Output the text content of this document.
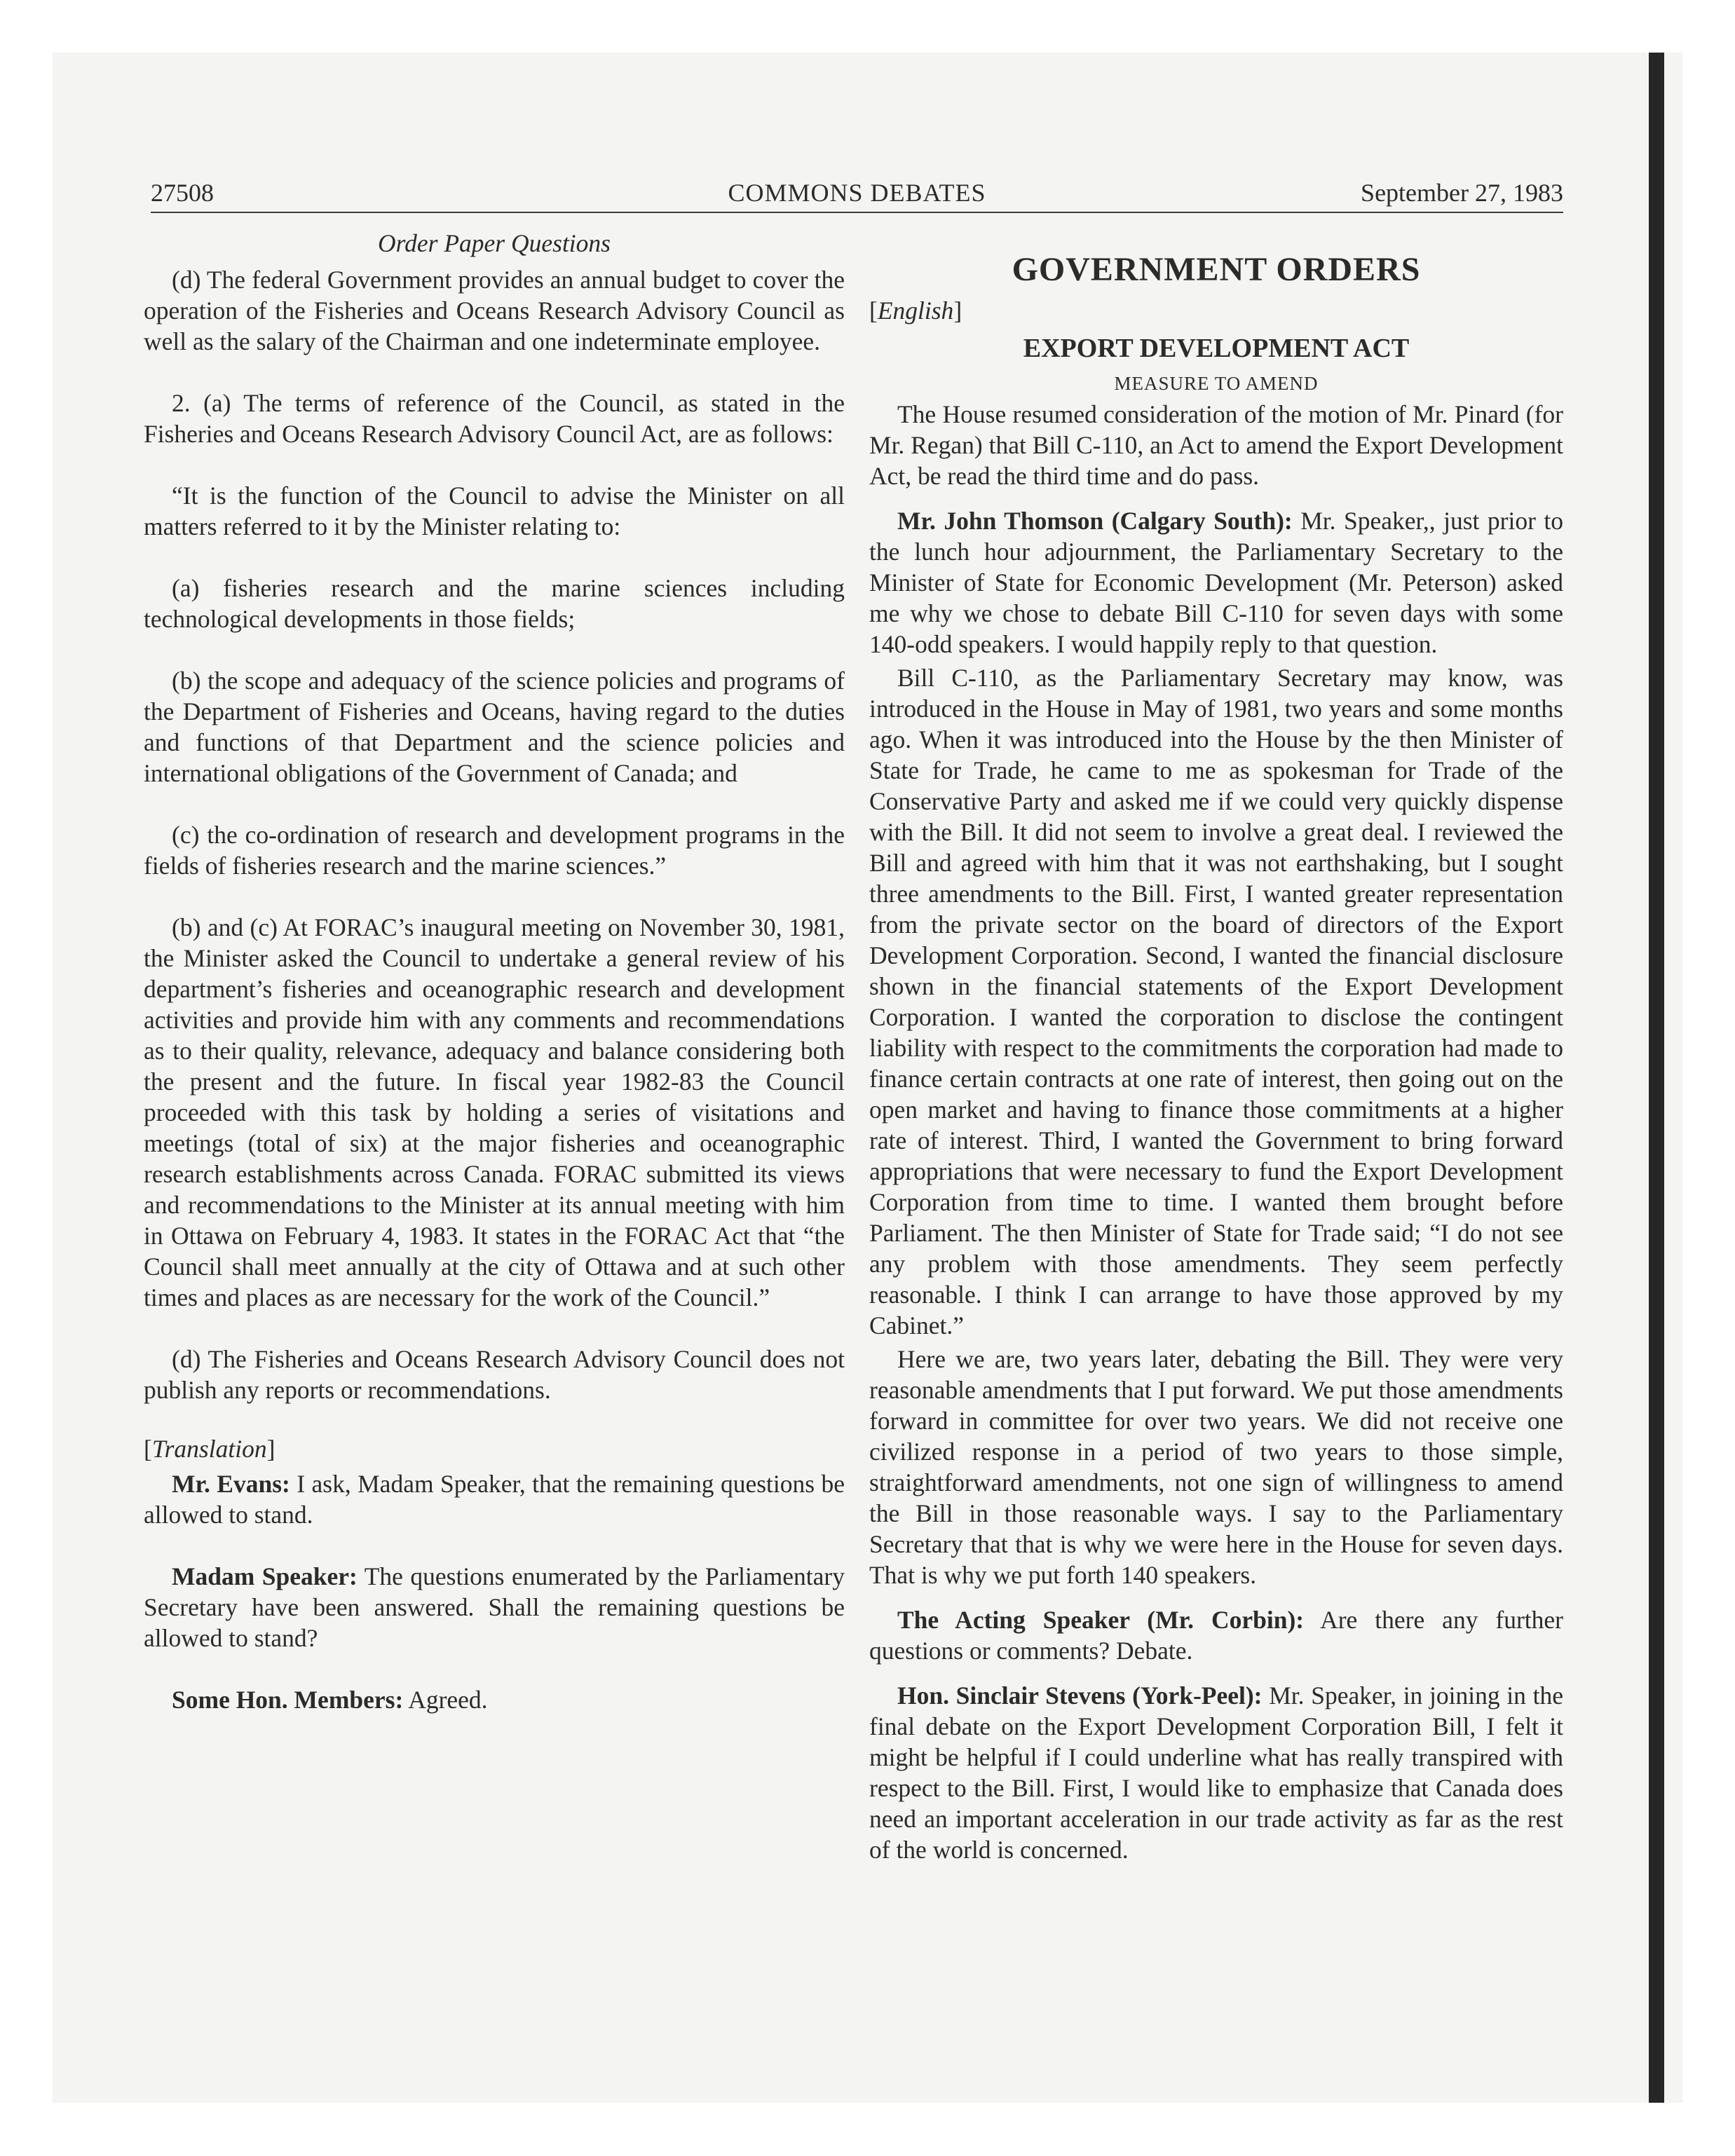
27508	COMMONS DEBATES	September 27, 1983

Order Paper Questions

(d) The federal Government provides an annual budget to cover the operation of the Fisheries and Oceans Research Advisory Council as well as the salary of the Chairman and one indeterminate employee.

2. (a) The terms of reference of the Council, as stated in the Fisheries and Oceans Research Advisory Council Act, are as follows:

“It is the function of the Council to advise the Minister on all matters referred to it by the Minister relating to:

(a) fisheries research and the marine sciences including technological developments in those fields;

(b) the scope and adequacy of the science policies and programs of the Department of Fisheries and Oceans, having regard to the duties and functions of that Department and the science policies and international obligations of the Government of Canada; and

(c) the co-ordination of research and development programs in the fields of fisheries research and the marine sciences.”

(b) and (c) At FORAC’s inaugural meeting on November 30, 1981, the Minister asked the Council to undertake a general review of his department’s fisheries and oceanographic research and development activities and provide him with any comments and recommendations as to their quality, relevance, adequacy and balance considering both the present and the future. In fiscal year 1982-83 the Council proceeded with this task by holding a series of visitations and meetings (total of six) at the major fisheries and oceanographic research establishments across Canada. FORAC submitted its views and recommendations to the Minister at its annual meeting with him in Ottawa on February 4, 1983. It states in the FORAC Act that “the Council shall meet annually at the city of Ottawa and at such other times and places as are necessary for the work of the Council.”

(d) The Fisheries and Oceans Research Advisory Council does not publish any reports or recommendations.

[Translation]

Mr. Evans: I ask, Madam Speaker, that the remaining questions be allowed to stand.

Madam Speaker: The questions enumerated by the Parliamentary Secretary have been answered. Shall the remaining questions be allowed to stand?

Some Hon. Members: Agreed.

GOVERNMENT ORDERS

[English]

EXPORT DEVELOPMENT ACT

MEASURE TO AMEND

The House resumed consideration of the motion of Mr. Pinard (for Mr. Regan) that Bill C-110, an Act to amend the Export Development Act, be read the third time and do pass.

Mr. John Thomson (Calgary South): Mr. Speaker,, just prior to the lunch hour adjournment, the Parliamentary Secretary to the Minister of State for Economic Development (Mr. Peterson) asked me why we chose to debate Bill C-110 for seven days with some 140-odd speakers. I would happily reply to that question.

Bill C-110, as the Parliamentary Secretary may know, was introduced in the House in May of 1981, two years and some months ago. When it was introduced into the House by the then Minister of State for Trade, he came to me as spokesman for Trade of the Conservative Party and asked me if we could very quickly dispense with the Bill. It did not seem to involve a great deal. I reviewed the Bill and agreed with him that it was not earthshaking, but I sought three amendments to the Bill. First, I wanted greater representation from the private sector on the board of directors of the Export Development Corporation. Second, I wanted the financial disclosure shown in the financial statements of the Export Development Corporation. I wanted the corporation to disclose the contingent liability with respect to the commitments the corporation had made to finance certain contracts at one rate of interest, then going out on the open market and having to finance those commitments at a higher rate of interest. Third, I wanted the Government to bring forward appropriations that were necessary to fund the Export Development Corporation from time to time. I wanted them brought before Parliament. The then Minister of State for Trade said; “I do not see any problem with those amendments. They seem perfectly reasonable. I think I can arrange to have those approved by my Cabinet.”

Here we are, two years later, debating the Bill. They were very reasonable amendments that I put forward. We put those amendments forward in committee for over two years. We did not receive one civilized response in a period of two years to those simple, straightforward amendments, not one sign of willingness to amend the Bill in those reasonable ways. I say to the Parliamentary Secretary that that is why we were here in the House for seven days. That is why we put forth 140 speakers.

The Acting Speaker (Mr. Corbin): Are there any further questions or comments? Debate.

Hon. Sinclair Stevens (York-Peel): Mr. Speaker, in joining in the final debate on the Export Development Corporation Bill, I felt it might be helpful if I could underline what has really transpired with respect to the Bill. First, I would like to emphasize that Canada does need an important acceleration in our trade activity as far as the rest of the world is concerned.
